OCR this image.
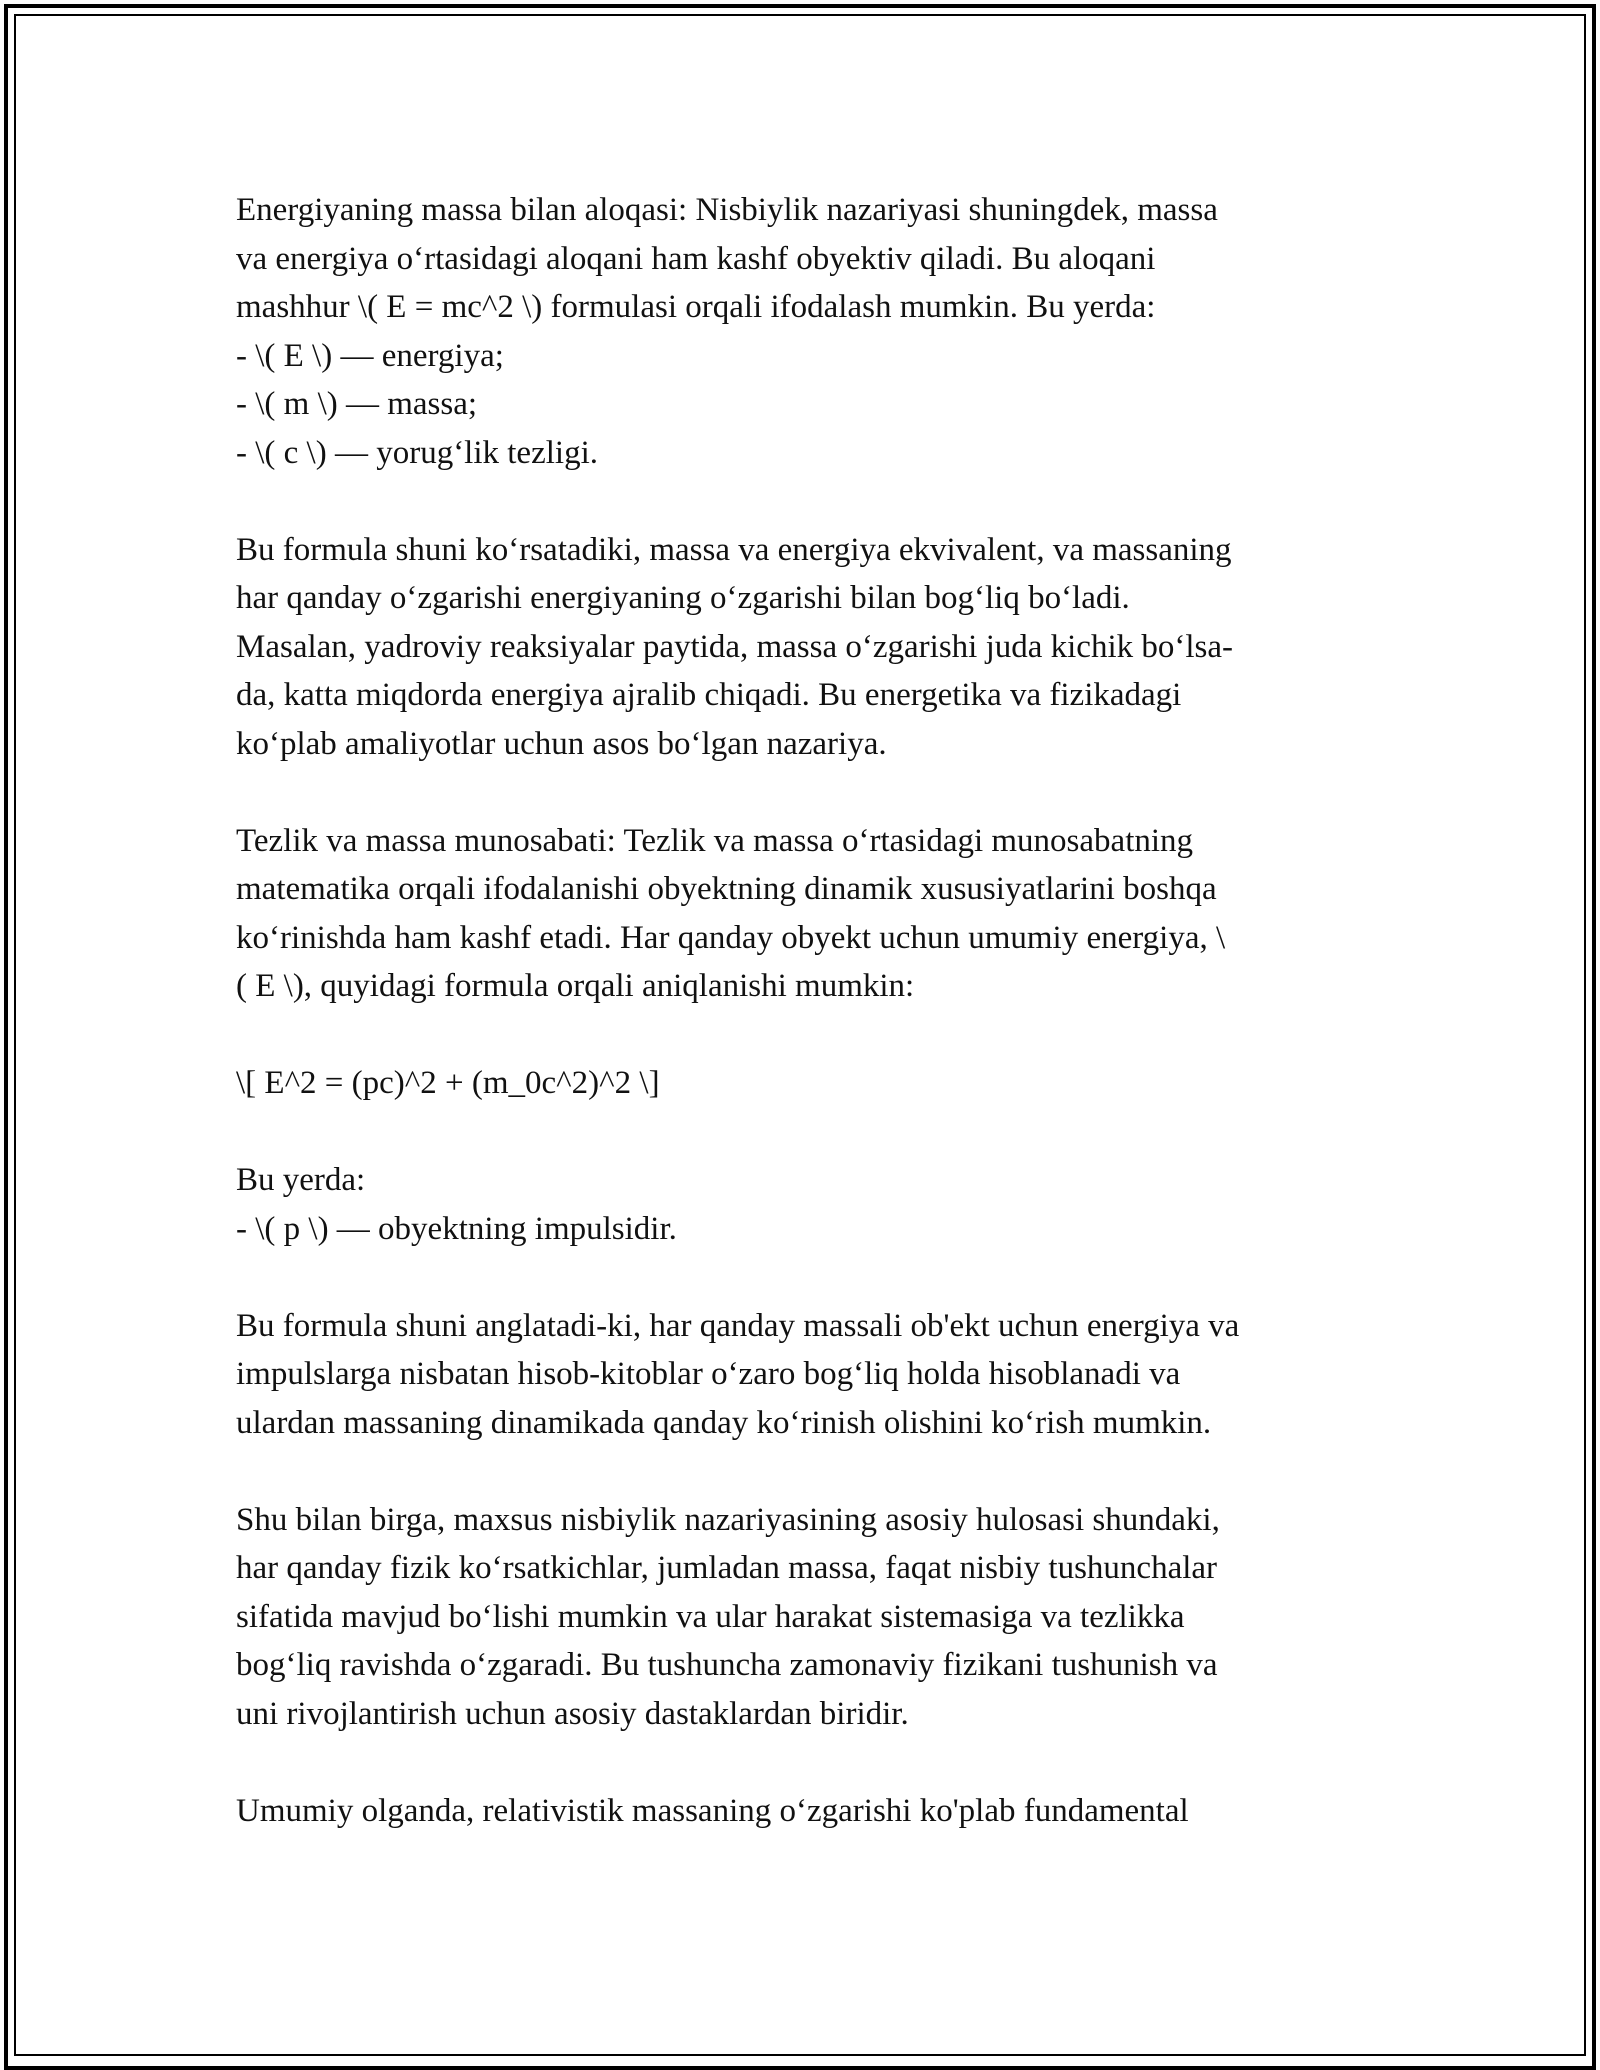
Energiyaning massa bilan aloqasi: Nisbiylik nazariyasi shuningdek, massa
va energiya o‘rtasidagi aloqani ham kashf obyektiv qiladi. Bu aloqani
mashhur \( E = mc^2 \) formulasi orqali ifodalash mumkin. Bu yerda:
- \( E \) — energiya;
- \( m \) — massa;
- \( c \) — yorug‘lik tezligi.

Bu formula shuni ko‘rsatadiki, massa va energiya ekvivalent, va massaning
har qanday o‘zgarishi energiyaning o‘zgarishi bilan bog‘liq bo‘ladi.
Masalan, yadroviy reaksiyalar paytida, massa o‘zgarishi juda kichik bo‘lsa-
da, katta miqdorda energiya ajralib chiqadi. Bu energetika va fizikadagi
ko‘plab amaliyotlar uchun asos bo‘lgan nazariya.

Tezlik va massa munosabati: Tezlik va massa o‘rtasidagi munosabatning
matematika orqali ifodalanishi obyektning dinamik xususiyatlarini boshqa
ko‘rinishda ham kashf etadi. Har qanday obyekt uchun umumiy energiya, \
( E \), quyidagi formula orqali aniqlanishi mumkin:

\[ E^2 = (pc)^2 + (m_0c^2)^2 \]

Bu yerda:
- \( p \) — obyektning impulsidir.

Bu formula shuni anglatadi-ki, har qanday massali ob'ekt uchun energiya va
impulslarga nisbatan hisob-kitoblar o‘zaro bog‘liq holda hisoblanadi va
ulardan massaning dinamikada qanday ko‘rinish olishini ko‘rish mumkin.

Shu bilan birga, maxsus nisbiylik nazariyasining asosiy hulosasi shundaki,
har qanday fizik ko‘rsatkichlar, jumladan massa, faqat nisbiy tushunchalar
sifatida mavjud bo‘lishi mumkin va ular harakat sistemasiga va tezlikka
bog‘liq ravishda o‘zgaradi. Bu tushuncha zamonaviy fizikani tushunish va
uni rivojlantirish uchun asosiy dastaklardan biridir.

Umumiy olganda, relativistik massaning o‘zgarishi ko'plab fundamental
